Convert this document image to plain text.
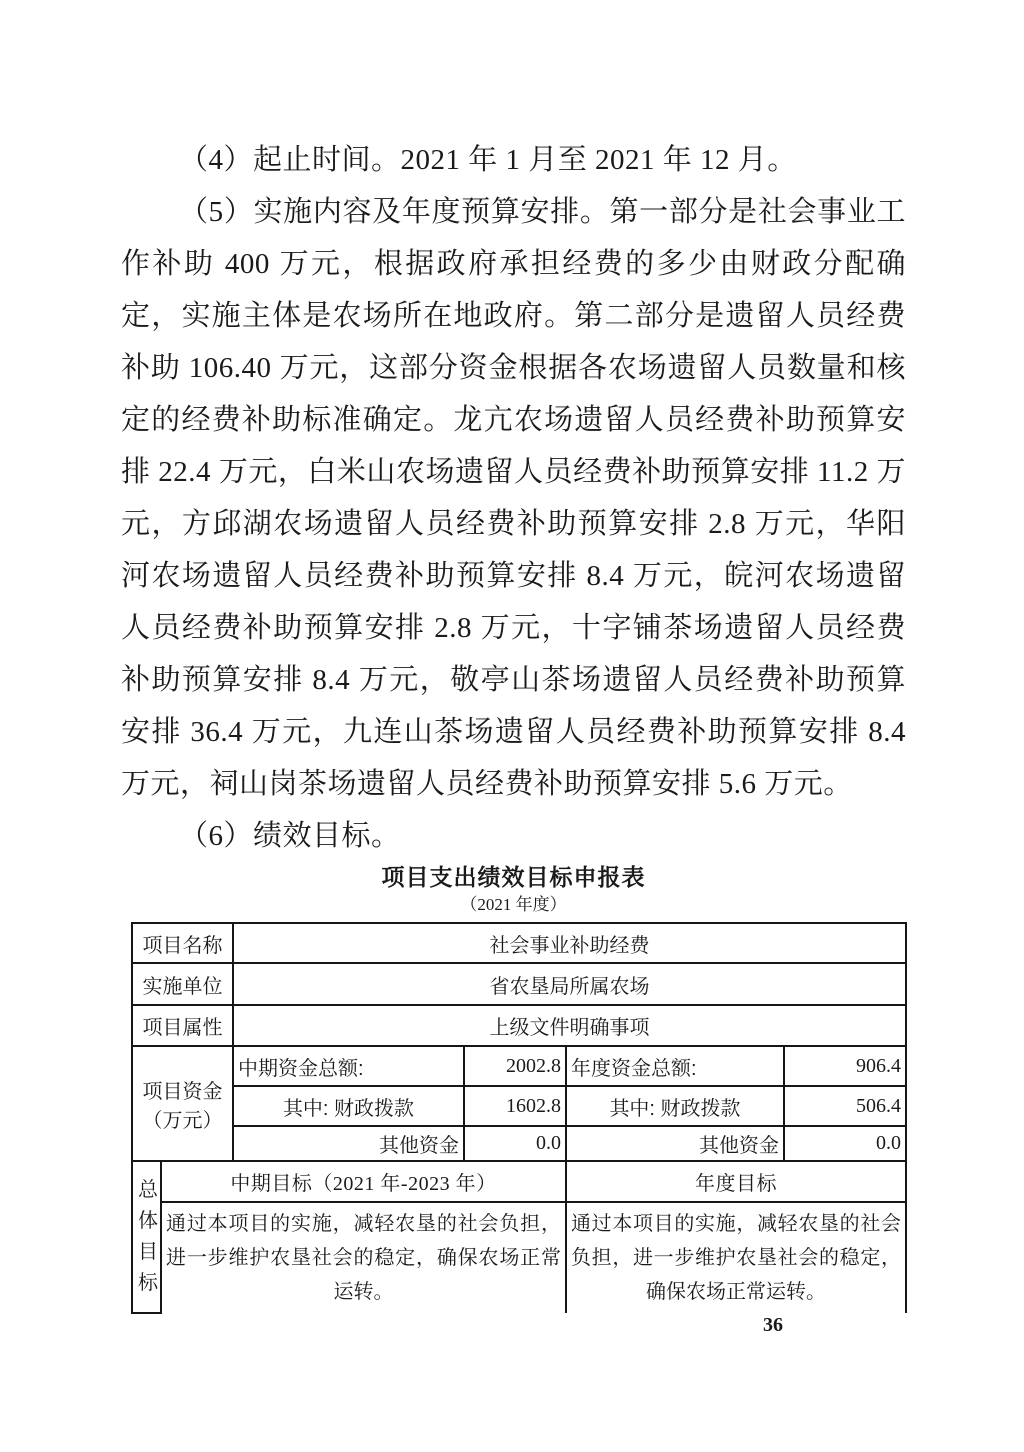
（4）起止时间。2021 年 1 月至 2021 年 12 月。

（5）实施内容及年度预算安排。第一部分是社会事业工作补助 400 万元，根据政府承担经费的多少由财政分配确定，实施主体是农场所在地政府。第二部分是遗留人员经费补助 106.40 万元，这部分资金根据各农场遗留人员数量和核定的经费补助标准确定。龙亢农场遗留人员经费补助预算安排 22.4 万元，白米山农场遗留人员经费补助预算安排 11.2 万元，方邱湖农场遗留人员经费补助预算安排 2.8 万元，华阳河农场遗留人员经费补助预算安排 8.4 万元，皖河农场遗留人员经费补助预算安排 2.8 万元，十字铺茶场遗留人员经费补助预算安排 8.4 万元，敬亭山茶场遗留人员经费补助预算安排 36.4 万元，九连山茶场遗留人员经费补助预算安排 8.4 万元，祠山岗茶场遗留人员经费补助预算安排 5.6 万元。

（6）绩效目标。

项目支出绩效目标申报表
（2021 年度）
项目名称		社会事业补助经费			
实施单位		省农垦局所属农场			
项目属性		上级文件明确事项			

项目资金
（万元）		中期资金总额:	2002.8	年度资金总额:	906.4
		其中: 财政拨款	1602.8	其中: 财政拨款	506.4
		其他资金	0.0	其他资金	0.0

总体目标	中期目标（2021 年-2023 年）			年度目标	
	通过本项目的实施，减轻农垦的社会负担，进一步维护农垦社会的稳定，确保农场正常运转。			通过本项目的实施，减轻农垦的社会负担，进一步维护农垦社会的稳定，确保农场正常运转。	
36
